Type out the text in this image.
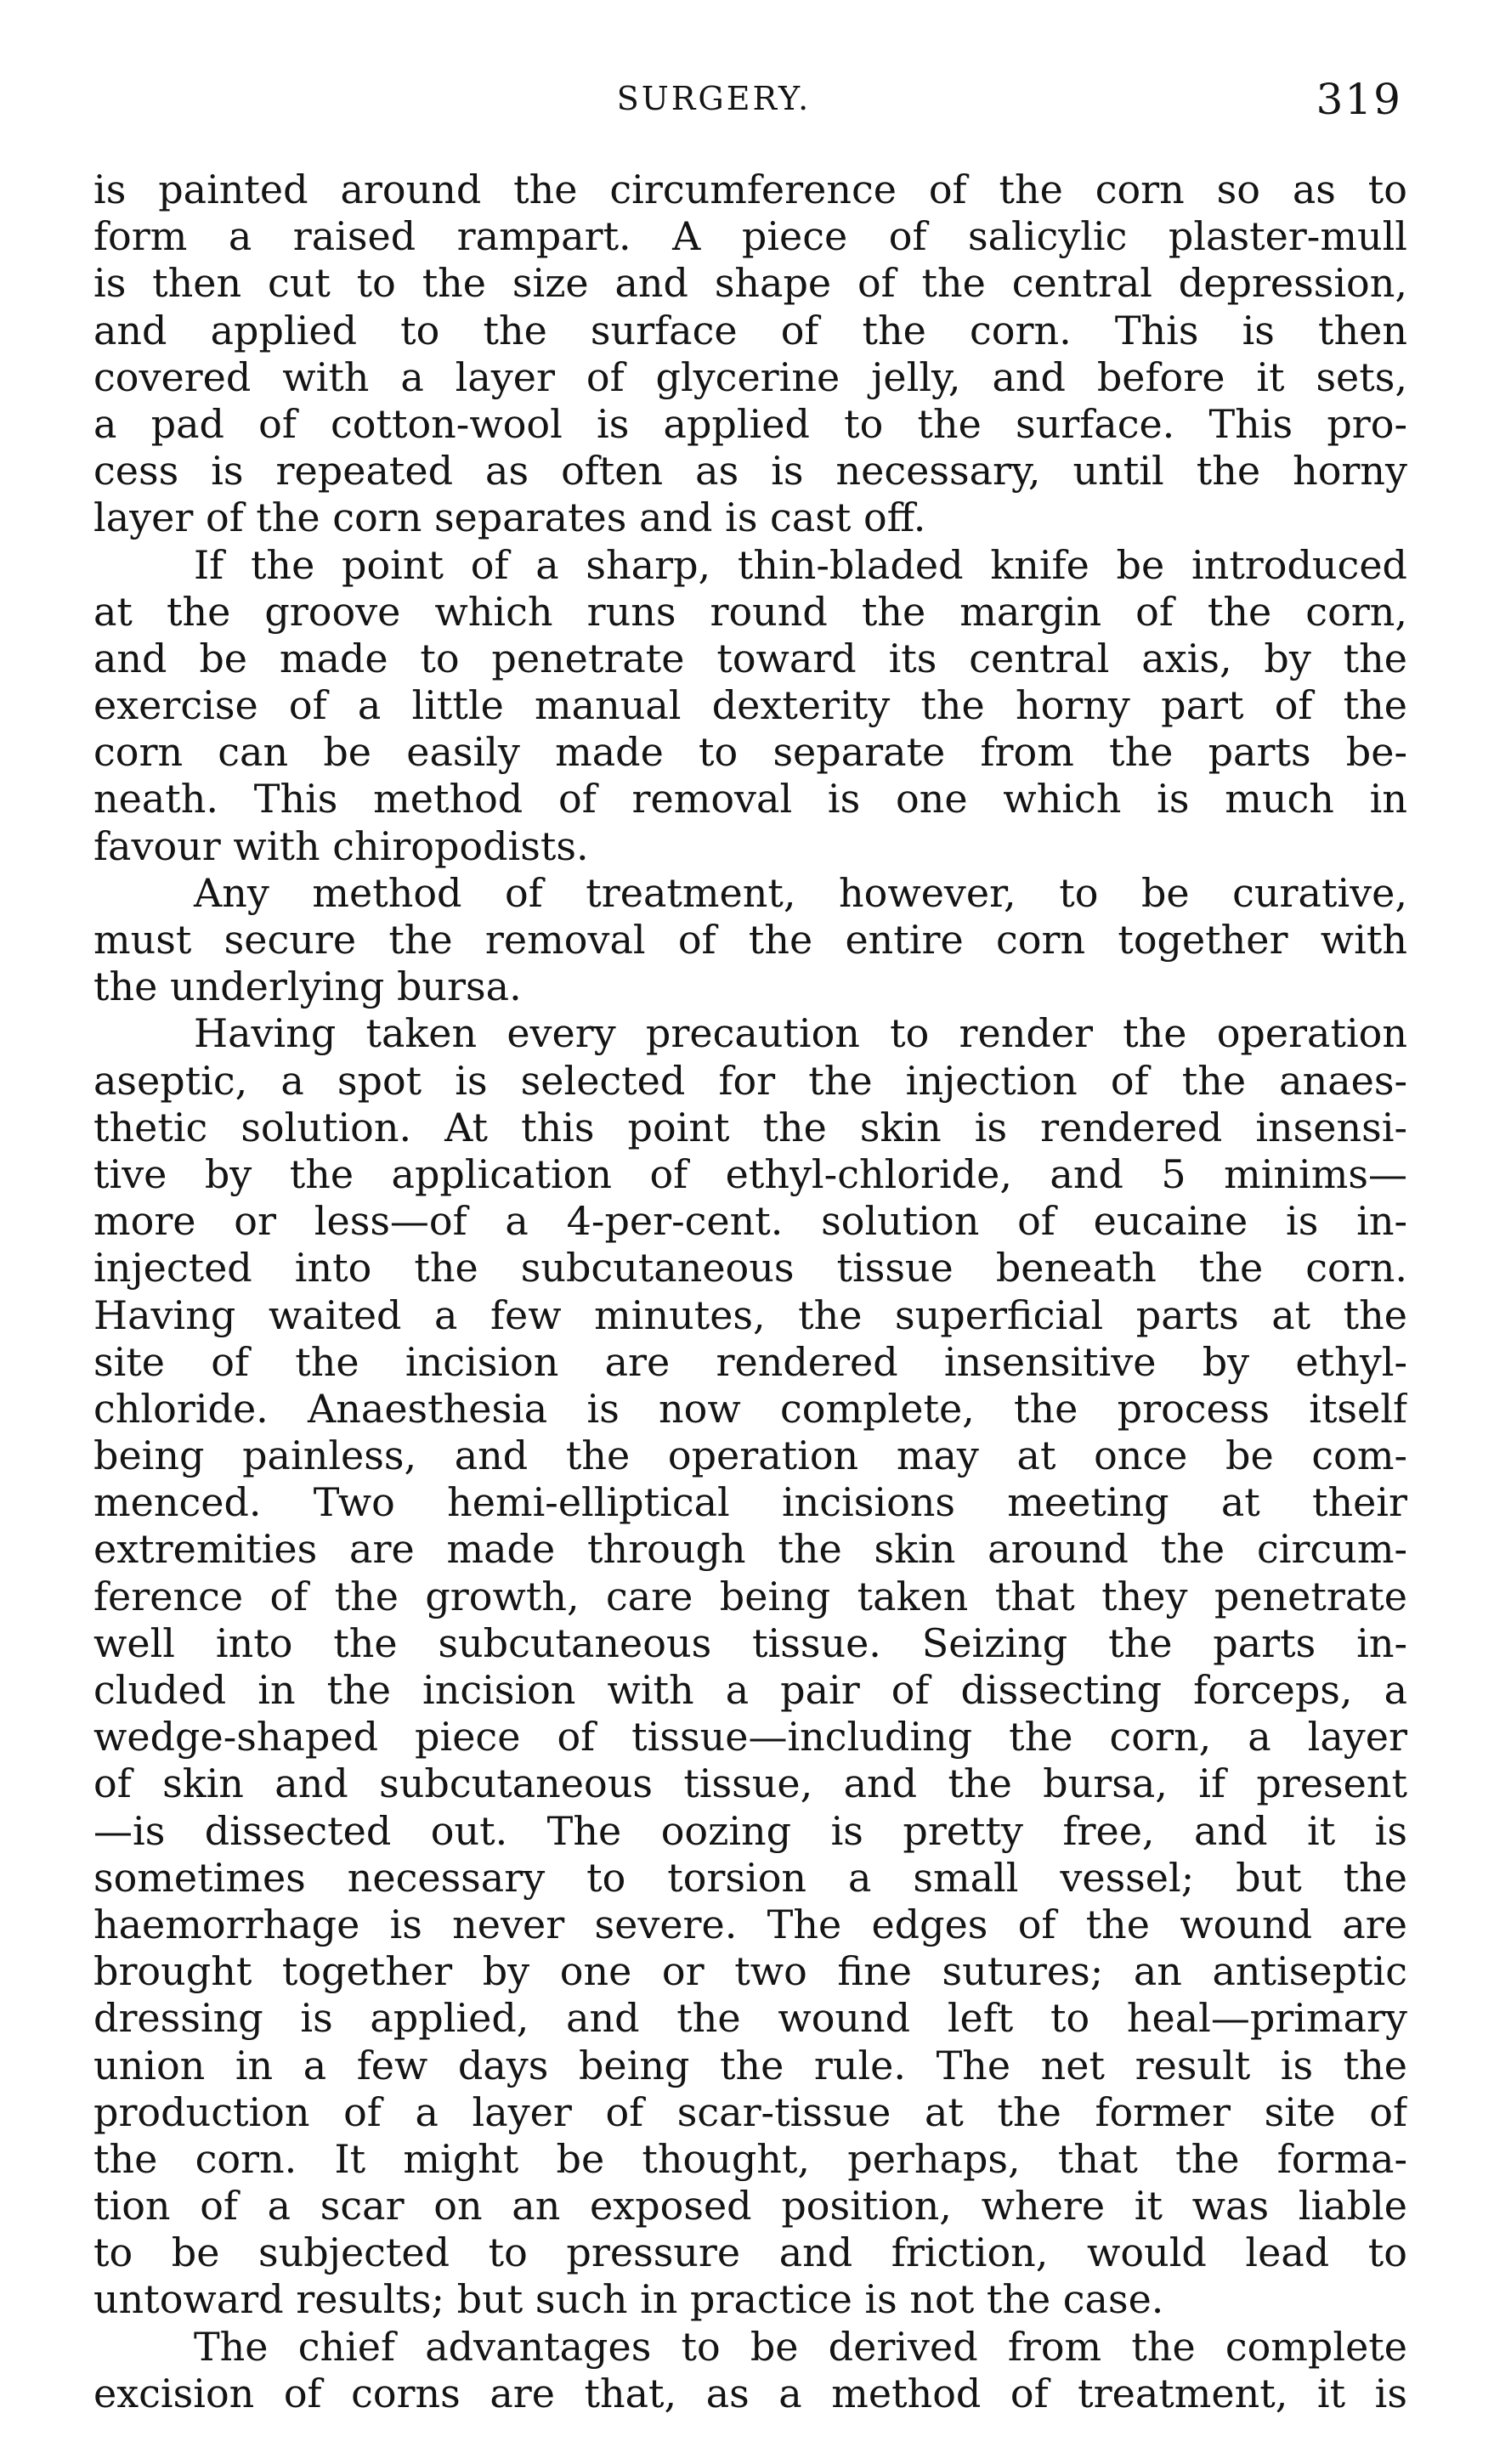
SURGERY.	319
is painted around the circumference of the corn so as to
form a raised rampart. A piece of salicylic plaster-mull
is then cut to the size and shape of the central depression,
and applied to the surface of the corn. This is then
covered with a layer of glycerine jelly, and before it sets,
a pad of cotton-wool is applied to the surface. This pro-
cess is repeated as often as is necessary, until the horny
layer of the corn separates and is cast off.
If the point of a sharp, thin-bladed knife be introduced
at the groove which runs round the margin of the corn,
and be made to penetrate toward its central axis, by the
exercise of a little manual dexterity the horny part of the
corn can be easily made to separate from the parts be-
neath. This method of removal is one which is much in
favour with chiropodists.
Any method of treatment, however, to be curative,
must secure the removal of the entire corn together with
the underlying bursa.
Having taken every precaution to render the operation
aseptic, a spot is selected for the injection of the anaes-
thetic solution. At this point the skin is rendered insensi-
tive by the application of ethyl-chloride, and 5 minims—
more or less—of a 4-per-cent. solution of eucaine is in-
injected into the subcutaneous tissue beneath the corn.
Having waited a few minutes, the superficial parts at the
site of the incision are rendered insensitive by ethyl-
chloride. Anaesthesia is now complete, the process itself
being painless, and the operation may at once be com-
menced. Two hemi-elliptical incisions meeting at their
extremities are made through the skin around the circum-
ference of the growth, care being taken that they penetrate
well into the subcutaneous tissue. Seizing the parts in-
cluded in the incision with a pair of dissecting forceps, a
wedge-shaped piece of tissue—including the corn, a layer
of skin and subcutaneous tissue, and the bursa, if present
—is dissected out. The oozing is pretty free, and it is
sometimes necessary to torsion a small vessel; but the
haemorrhage is never severe. The edges of the wound are
brought together by one or two fine sutures; an antiseptic
dressing is applied, and the wound left to heal—primary
union in a few days being the rule. The net result is the
production of a layer of scar-tissue at the former site of
the corn. It might be thought, perhaps, that the forma-
tion of a scar on an exposed position, where it was liable
to be subjected to pressure and friction, would lead to
untoward results; but such in practice is not the case.
The chief advantages to be derived from the complete
excision of corns are that, as a method of treatment, it is
